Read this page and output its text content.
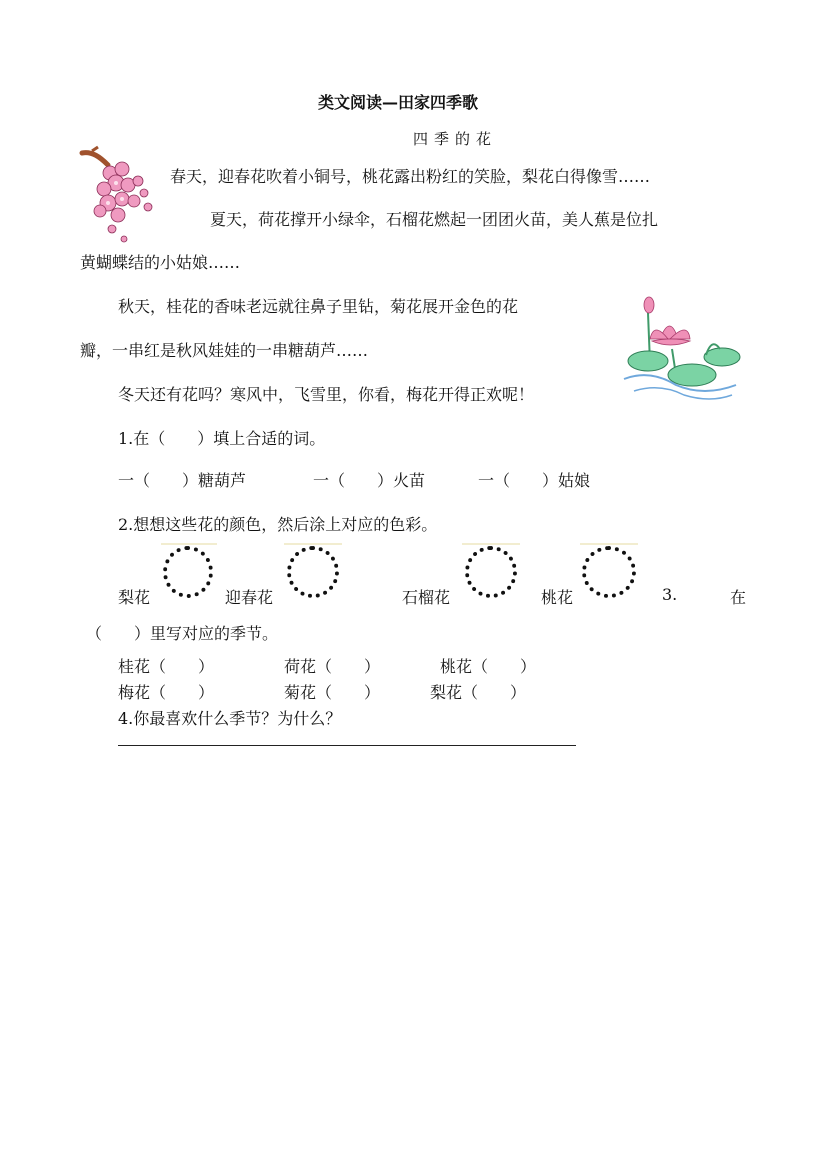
类文阅读—田家四季歌
四季的花
春天，迎春花吹着小铜号，桃花露出粉红的笑脸，梨花白得像雪……
夏天，荷花撑开小绿伞，石榴花燃起一团团火苗，美人蕉是位扎
黄蝴蝶结的小姑娘……
秋天，桂花的香味老远就往鼻子里钻，菊花展开金色的花
瓣，一串红是秋风娃娃的一串糖葫芦……
冬天还有花吗？寒风中，飞雪里，你看，梅花开得正欢呢！
1.在（　　）填上合适的词。
一（　　）糖葫芦	一（　　）火苗	一（　　）姑娘
2.想想这些花的颜色，然后涂上对应的色彩。
梨花	迎春花	石榴花	桃花	3.	在
（　　）里写对应的季节。
桂花（　　）	荷花（　　）	桃花（　　）
梅花（　　）	菊花（　　）	梨花（　　）
4.你最喜欢什么季节？为什么？
